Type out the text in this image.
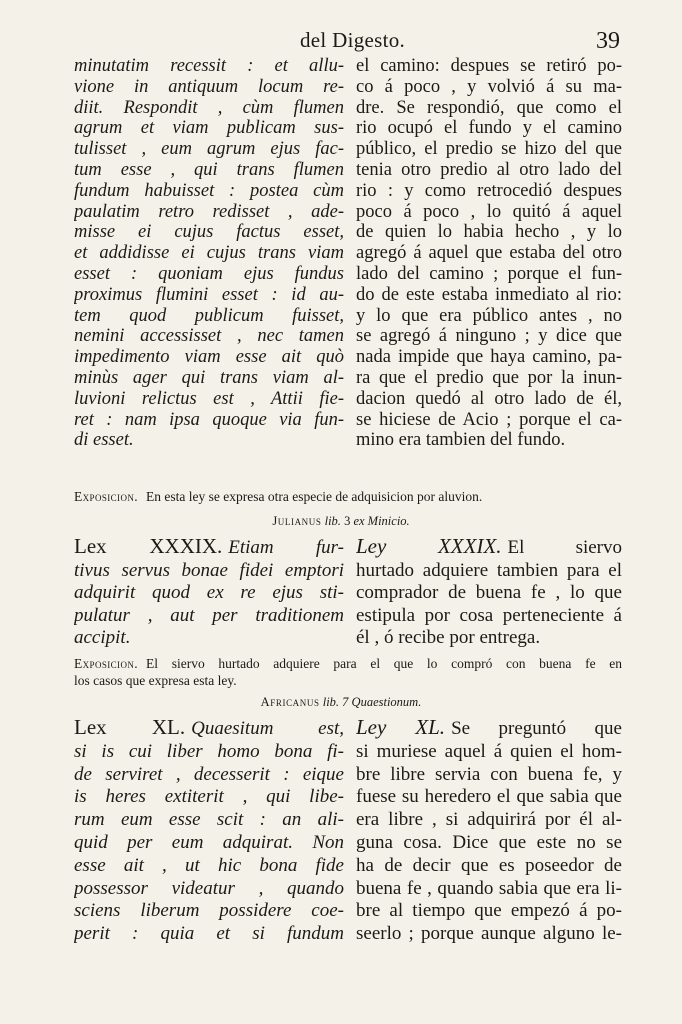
del Digesto.	39
minutatim recessit : et allu-
vione in antiquum locum re-
diit. Respondit , cùm flumen
agrum et viam publicam sus-
tulisset , eum agrum ejus fac-
tum esse , qui trans flumen
fundum habuisset : postea cùm
paulatim retro redisset , ade-
misse ei cujus factus esset,
et addidisse ei cujus trans viam
esset : quoniam ejus fundus
proximus flumini esset : id au-
tem quod publicum fuisset,
nemini accessisset , nec tamen
impedimento viam esse ait quò
minùs ager qui trans viam al-
luvioni relictus est , Attii fie-
ret : nam ipsa quoque via fun-
di esset.
el camino: despues se retiró po-
co á poco , y volvió á su ma-
dre. Se respondió, que como el
rio ocupó el fundo y el camino
público, el predio se hizo del que
tenia otro predio al otro lado del
rio : y como retrocedió despues
poco á poco , lo quitó á aquel
de quien lo habia hecho , y lo
agregó á aquel que estaba del otro
lado del camino ; porque el fun-
do de este estaba inmediato al rio:
y lo que era público antes , no
se agregó á ninguno ; y dice que
nada impide que haya camino, pa-
ra que el predio que por la inun-
dacion quedó al otro lado de él,
se hiciese de Acio ; porque el ca-
mino era tambien del fundo.
Exposicion. En esta ley se expresa otra especie de adquisicion por aluvion.
Julianus lib. 3 ex Minicio.
Lex XXXIX. Etiam fur-
tivus servus bonae fidei emptori
adquirit quod ex re ejus sti-
pulatur , aut per traditionem
accipit.
Ley XXXIX. El siervo
hurtado adquiere tambien para el
comprador de buena fe , lo que
estipula por cosa perteneciente á
él , ó recibe por entrega.
Exposicion. El siervo hurtado adquiere para el que lo compró con buena fe en
los casos que expresa esta ley.
Africanus lib. 7 Quaestionum.
Lex XL. Quaesitum est,
si is cui liber homo bona fi-
de serviret , decesserit : eique
is heres extiterit , qui libe-
rum eum esse scit : an ali-
quid per eum adquirat. Non
esse ait , ut hic bona fide
possessor videatur , quando
sciens liberum possidere coe-
perit : quia et si fundum
Ley XL. Se preguntó que
si muriese aquel á quien el hom-
bre libre servia con buena fe, y
fuese su heredero el que sabia que
era libre , si adquirirá por él al-
guna cosa. Dice que este no se
ha de decir que es poseedor de
buena fe , quando sabia que era li-
bre al tiempo que empezó á po-
seerlo ; porque aunque alguno le-
